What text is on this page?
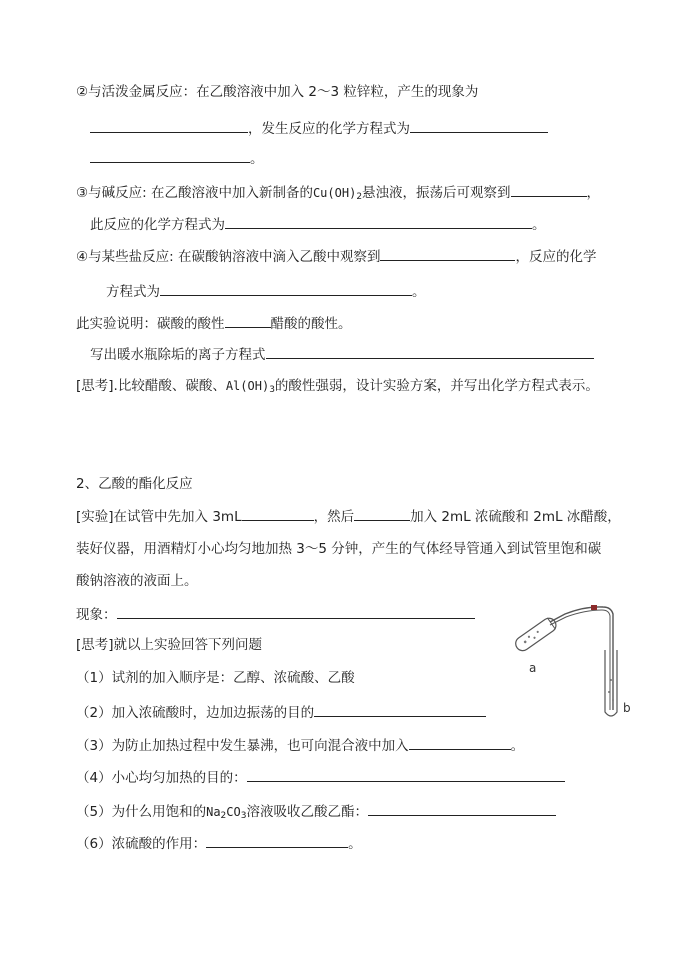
②与活泼金属反应：在乙酸溶液中加入 2～3 粒锌粒，产生的现象为
，发生反应的化学方程式为
。
③与碱反应: 在乙酸溶液中加入新制备的$Cu(OH)_2$悬浊液，振荡后可观察到	，
此反应的化学方程式为	。
④与某些盐反应: 在碳酸钠溶液中滴入乙酸中观察到	，反应的化学
方程式为	。
此实验说明：碳酸的酸性	醋酸的酸性。
写出暖水瓶除垢的离子方程式
[思考].比较醋酸、碳酸、$Al(OH)_3$的酸性强弱，设计实验方案，并写出化学方程式表示。
2、乙酸的酯化反应
[实验]在试管中先加入 3mL	，然后	加入 2mL 浓硫酸和 2mL 冰醋酸，
装好仪器，用酒精灯小心均匀地加热 3～5 分钟，产生的气体经导管通入到试管里饱和碳
酸钠溶液的液面上。
现象：
[思考]就以上实验回答下列问题
（1）试剂的加入顺序是：乙醇、浓硫酸、乙酸
（2）加入浓硫酸时，边加边振荡的目的
（3）为防止加热过程中发生暴沸，也可向混合液中加入	。
（4）小心均匀加热的目的：
（5）为什么用饱和的$Na_2CO_3$溶液吸收乙酸乙酯：
（6）浓硫酸的作用：	。
a
b
